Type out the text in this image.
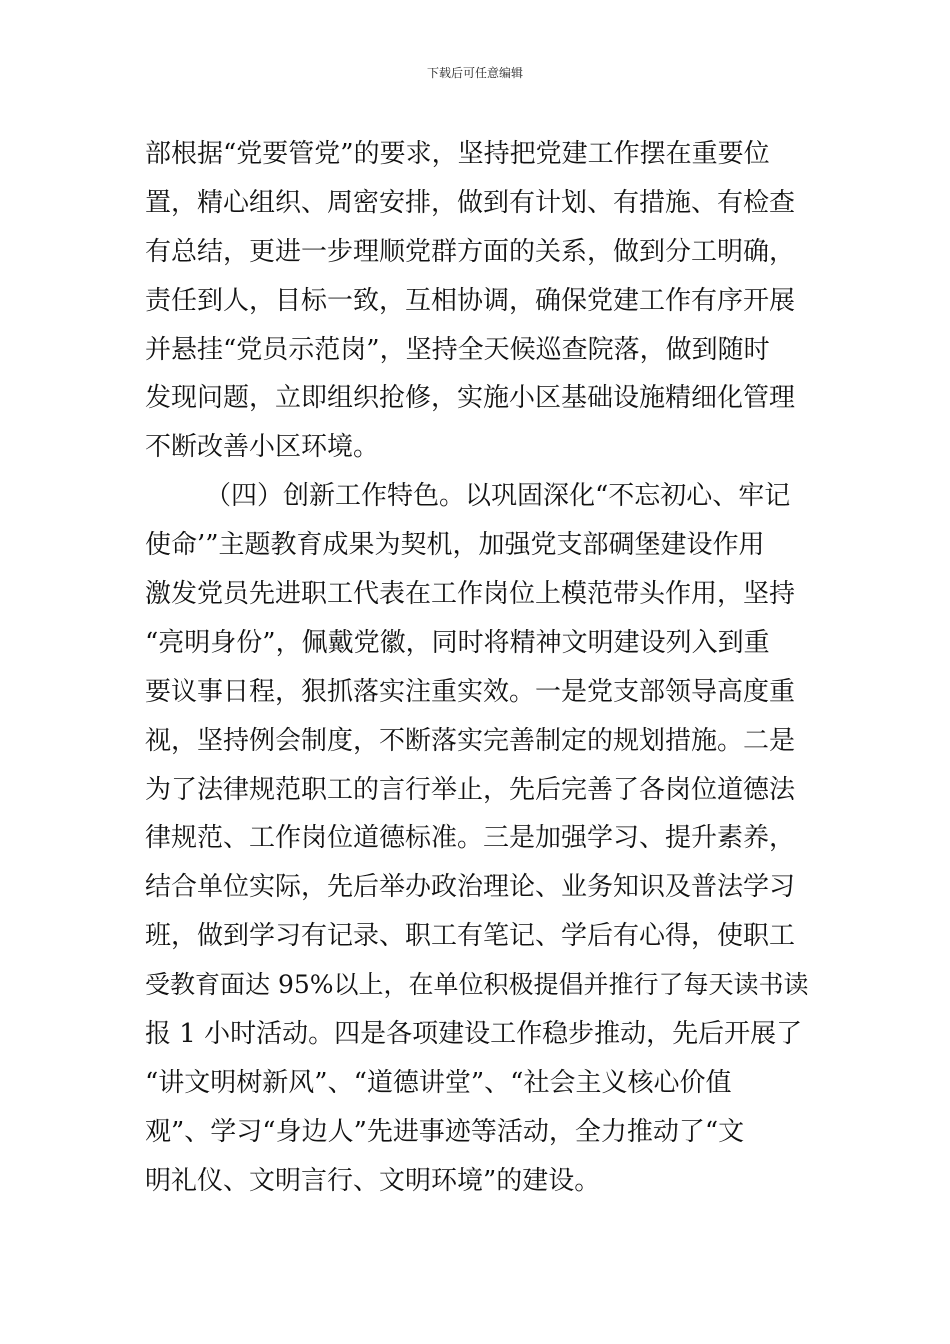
下载后可任意编辑
部根据“党要管党”的要求，坚持把党建工作摆在重要位
置，精心组织、周密安排，做到有计划、有措施、有检查
有总结，更进一步理顺党群方面的关系，做到分工明确，
责任到人，目标一致，互相协调，确保党建工作有序开展
并悬挂“党员示范岗”，坚持全天候巡查院落，做到随时
发现问题，立即组织抢修，实施小区基础设施精细化管理
不断改善小区环境。
（四）创新工作特色。以巩固深化“不忘初心、牢记
使命’”主题教育成果为契机，加强党支部碉堡建设作用
激发党员先进职工代表在工作岗位上模范带头作用，坚持
“亮明身份”，佩戴党徽，同时将精神文明建设列入到重
要议事日程，狠抓落实注重实效。一是党支部领导高度重
视，坚持例会制度，不断落实完善制定的规划措施。二是
为了法律规范职工的言行举止，先后完善了各岗位道德法
律规范、工作岗位道德标准。三是加强学习、提升素养，
结合单位实际，先后举办政治理论、业务知识及普法学习
班，做到学习有记录、职工有笔记、学后有心得，使职工
受教育面达 95%以上，在单位积极提倡并推行了每天读书读
报 1 小时活动。四是各项建设工作稳步推动，先后开展了
“讲文明树新风”、“道德讲堂”、“社会主义核心价值
观”、学习“身边人”先进事迹等活动，全力推动了“文
明礼仪、文明言行、文明环境”的建设。
